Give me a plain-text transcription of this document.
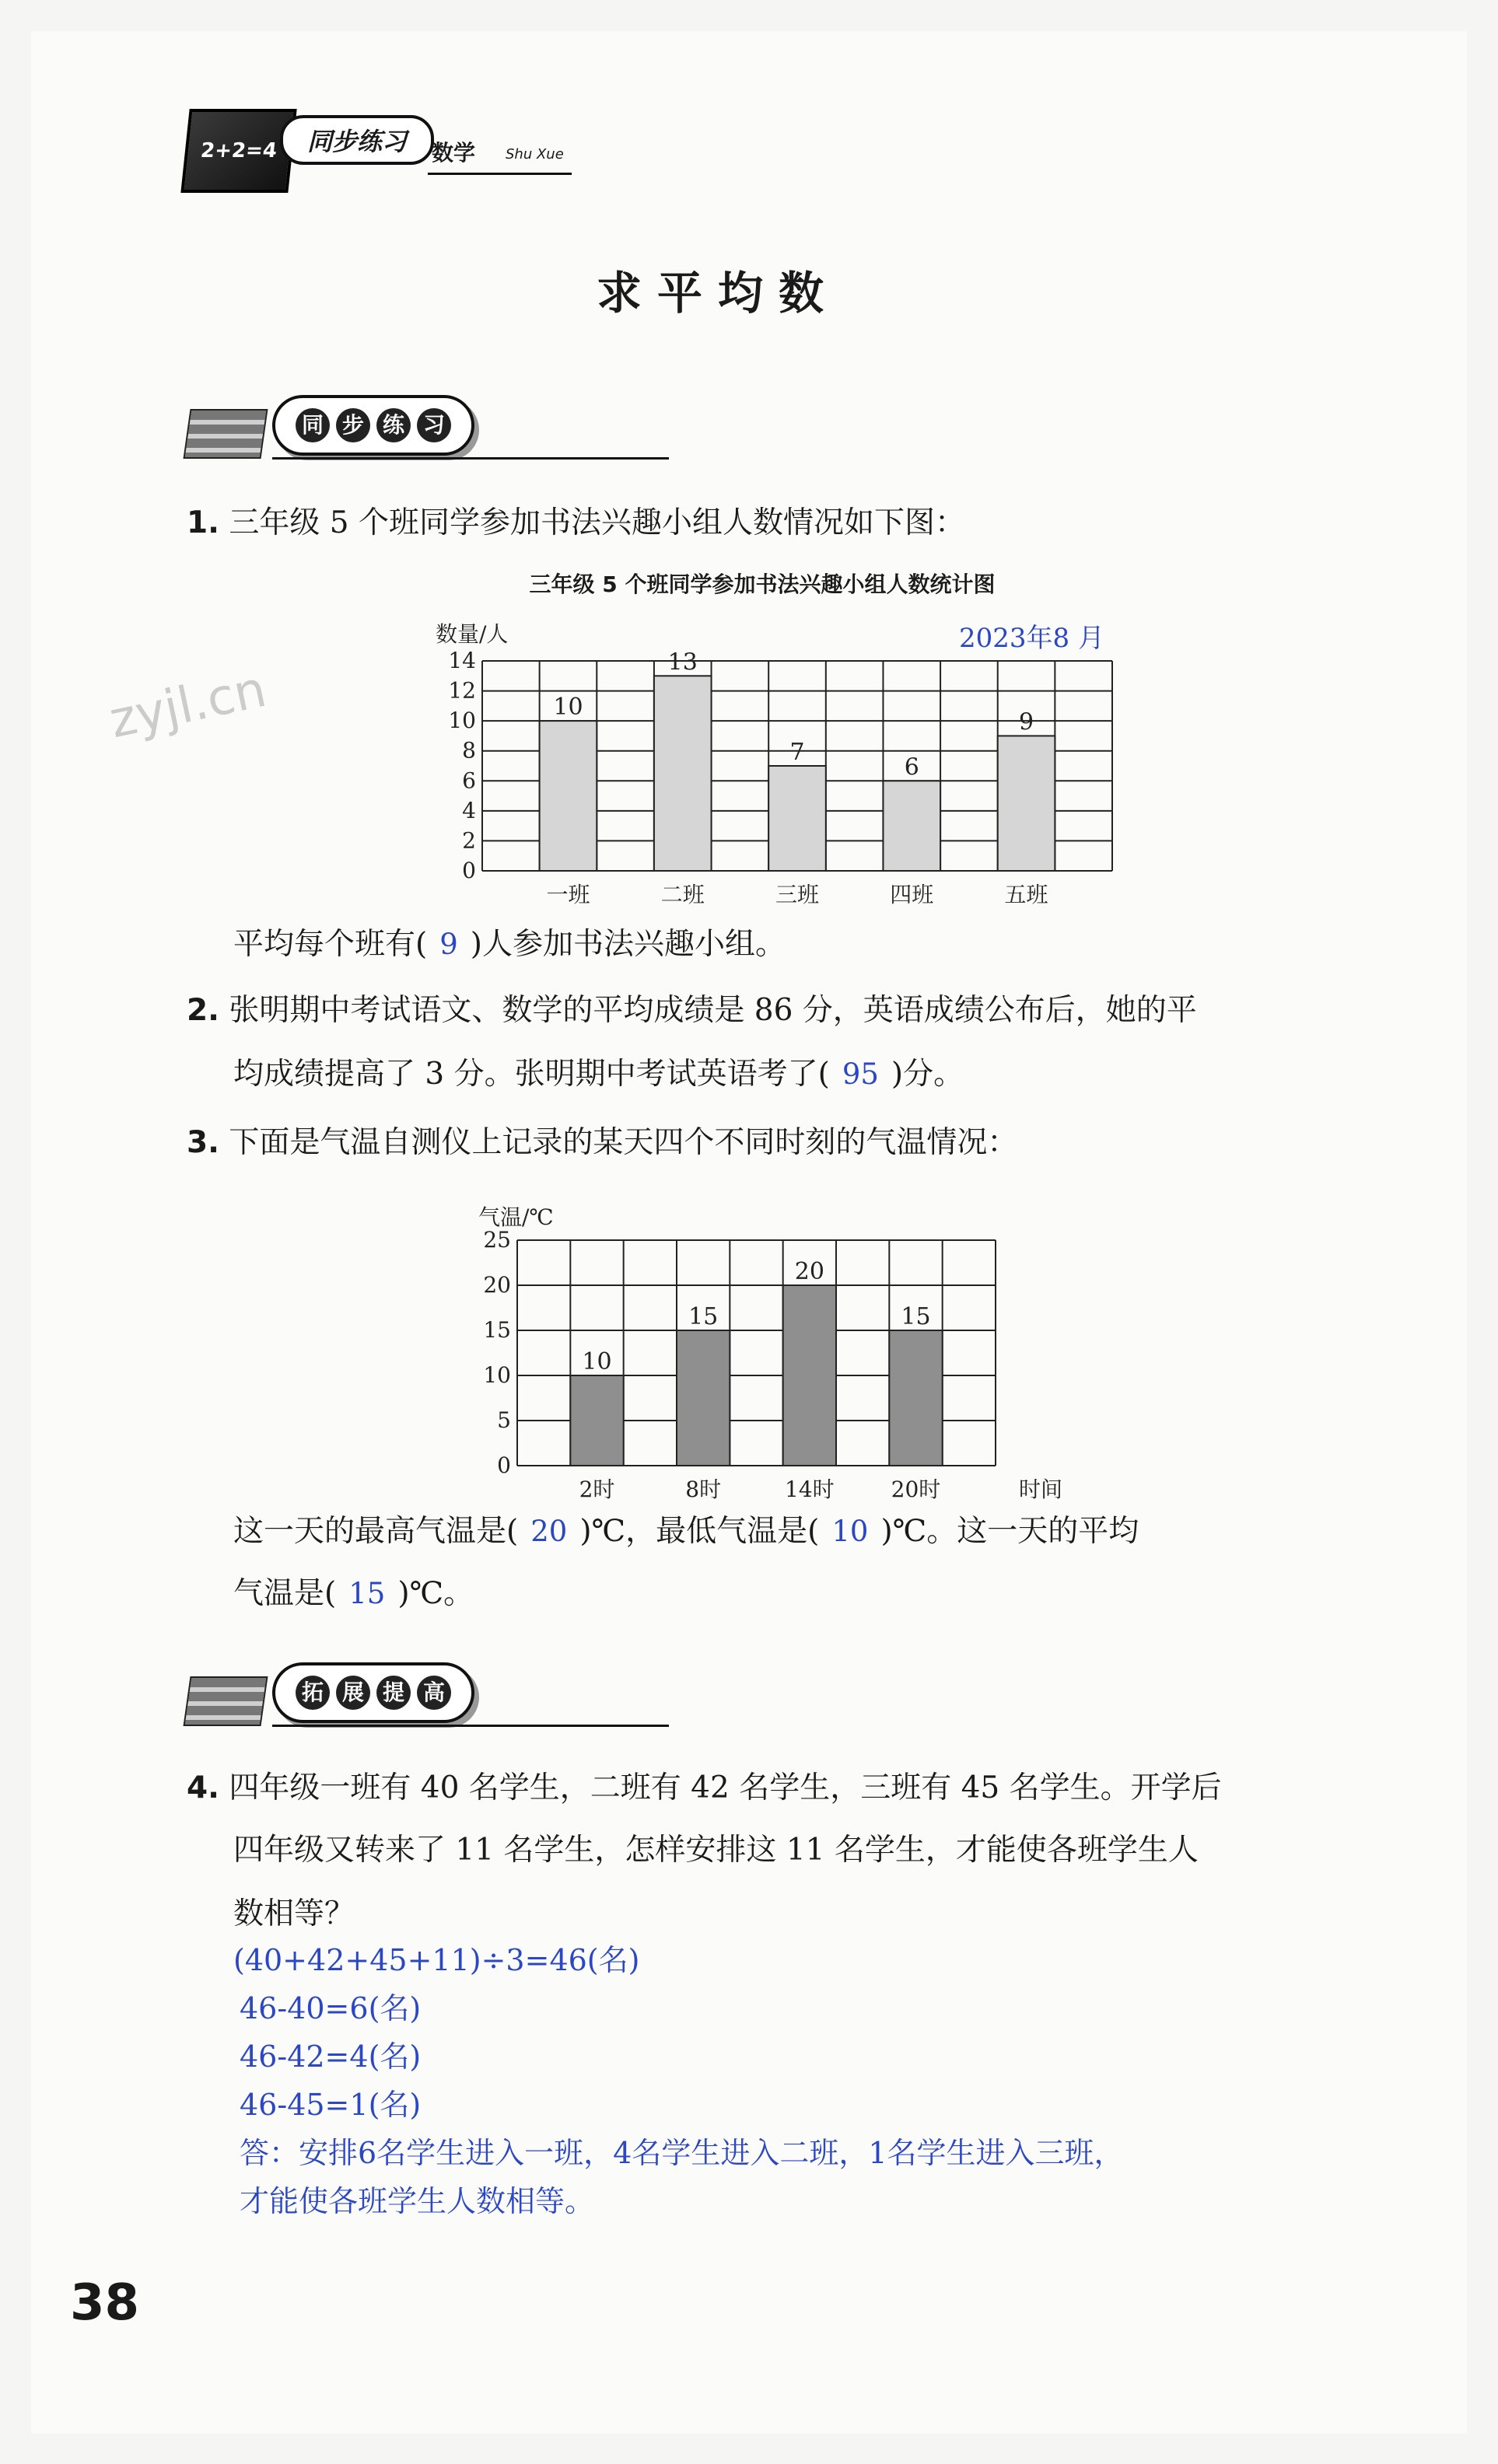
2+2=4	同步练习	数学 Shu Xue
求平均数
同 步 练 习
zyjl.cn
1. 三年级 5 个班同学参加书法兴趣小组人数情况如下图：
三年级 5 个班同学参加书法兴趣小组人数统计图
0
2
4
6
8
10
12
14
10
一班
13
二班
7
三班
6
四班
9
五班
数量/人	2023年8 月
平均每个班有( 9 )人参加书法兴趣小组。
2. 张明期中考试语文、数学的平均成绩是 86 分，英语成绩公布后，她的平
均成绩提高了 3 分。张明期中考试英语考了( 95 )分。
3. 下面是气温自测仪上记录的某天四个不同时刻的气温情况：
0
5
10
15
20
25
10
2时
15
8时
20
14时
15
20时
气温/℃
时间
这一天的最高气温是( 20 )℃，最低气温是( 10 )℃。这一天的平均
气温是( 15 )℃。
拓 展 提 高
4. 四年级一班有 40 名学生，二班有 42 名学生，三班有 45 名学生。开学后
四年级又转来了 11 名学生，怎样安排这 11 名学生，才能使各班学生人
数相等？
(40+42+45+11)÷3=46(名)
46-40=6(名)
46-42=4(名)
46-45=1(名)
答：安排6名学生进入一班，4名学生进入二班，1名学生进入三班，
才能使各班学生人数相等。
38
